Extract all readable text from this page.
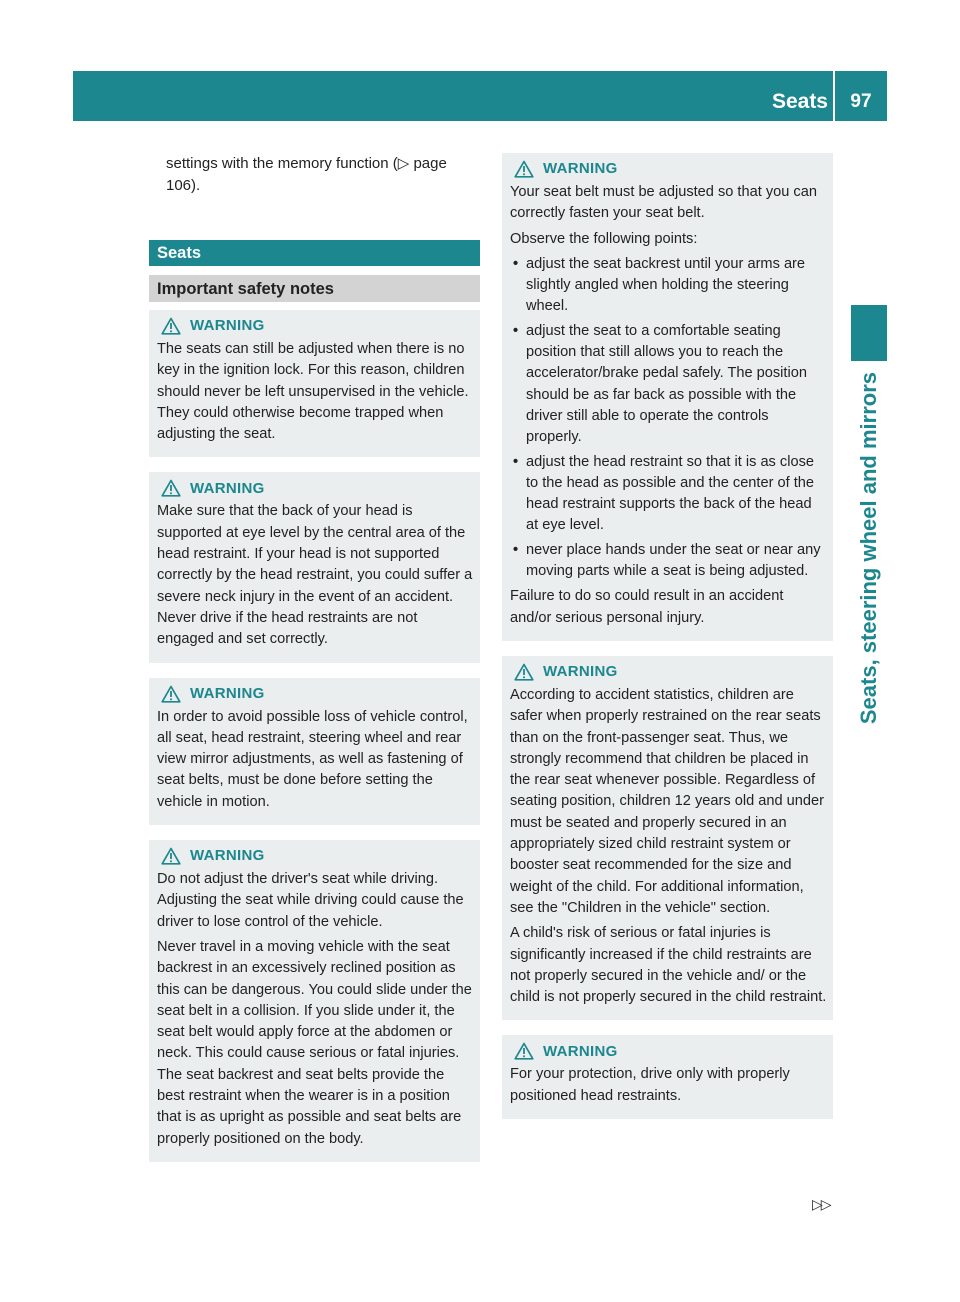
Seats	97
Seats, steering wheel and mirrors
settings with the memory function (▷ page 106).
Seats
Important safety notes
WARNING

The seats can still be adjusted when there is no key in the ignition lock. For this reason, children should never be left unsupervised in the vehicle. They could otherwise become trapped when adjusting the seat.

WARNING

Make sure that the back of your head is supported at eye level by the central area of the head restraint. If your head is not supported correctly by the head restraint, you could suffer a severe neck injury in the event of an accident. Never drive if the head restraints are not engaged and set correctly.

WARNING

In order to avoid possible loss of vehicle control, all seat, head restraint, steering wheel and rear view mirror adjustments, as well as fastening of seat belts, must be done before setting the vehicle in motion.

WARNING

Do not adjust the driver's seat while driving. Adjusting the seat while driving could cause the driver to lose control of the vehicle.

Never travel in a moving vehicle with the seat backrest in an excessively reclined position as this can be dangerous. You could slide under the seat belt in a collision. If you slide under it, the seat belt would apply force at the abdomen or neck. This could cause serious or fatal injuries. The seat backrest and seat belts provide the best restraint when the wearer is in a position that is as upright as possible and seat belts are properly positioned on the body.

WARNING

Your seat belt must be adjusted so that you can correctly fasten your seat belt.

Observe the following points:

• adjust the seat backrest until your arms are slightly angled when holding the steering wheel.
• adjust the seat to a comfortable seating position that still allows you to reach the accelerator/brake pedal safely. The position should be as far back as possible with the driver still able to operate the controls properly.
• adjust the head restraint so that it is as close to the head as possible and the center of the head restraint supports the back of the head at eye level.
• never place hands under the seat or near any moving parts while a seat is being adjusted.

Failure to do so could result in an accident and/or serious personal injury.

WARNING

According to accident statistics, children are safer when properly restrained on the rear seats than on the front-passenger seat. Thus, we strongly recommend that children be placed in the rear seat whenever possible. Regardless of seating position, children 12 years old and under must be seated and properly secured in an appropriately sized child restraint system or booster seat recommended for the size and weight of the child. For additional information, see the "Children in the vehicle" section.

A child's risk of serious or fatal injuries is significantly increased if the child restraints are not properly secured in the vehicle and/ or the child is not properly secured in the child restraint.

WARNING

For your protection, drive only with properly positioned head restraints.

▷▷
